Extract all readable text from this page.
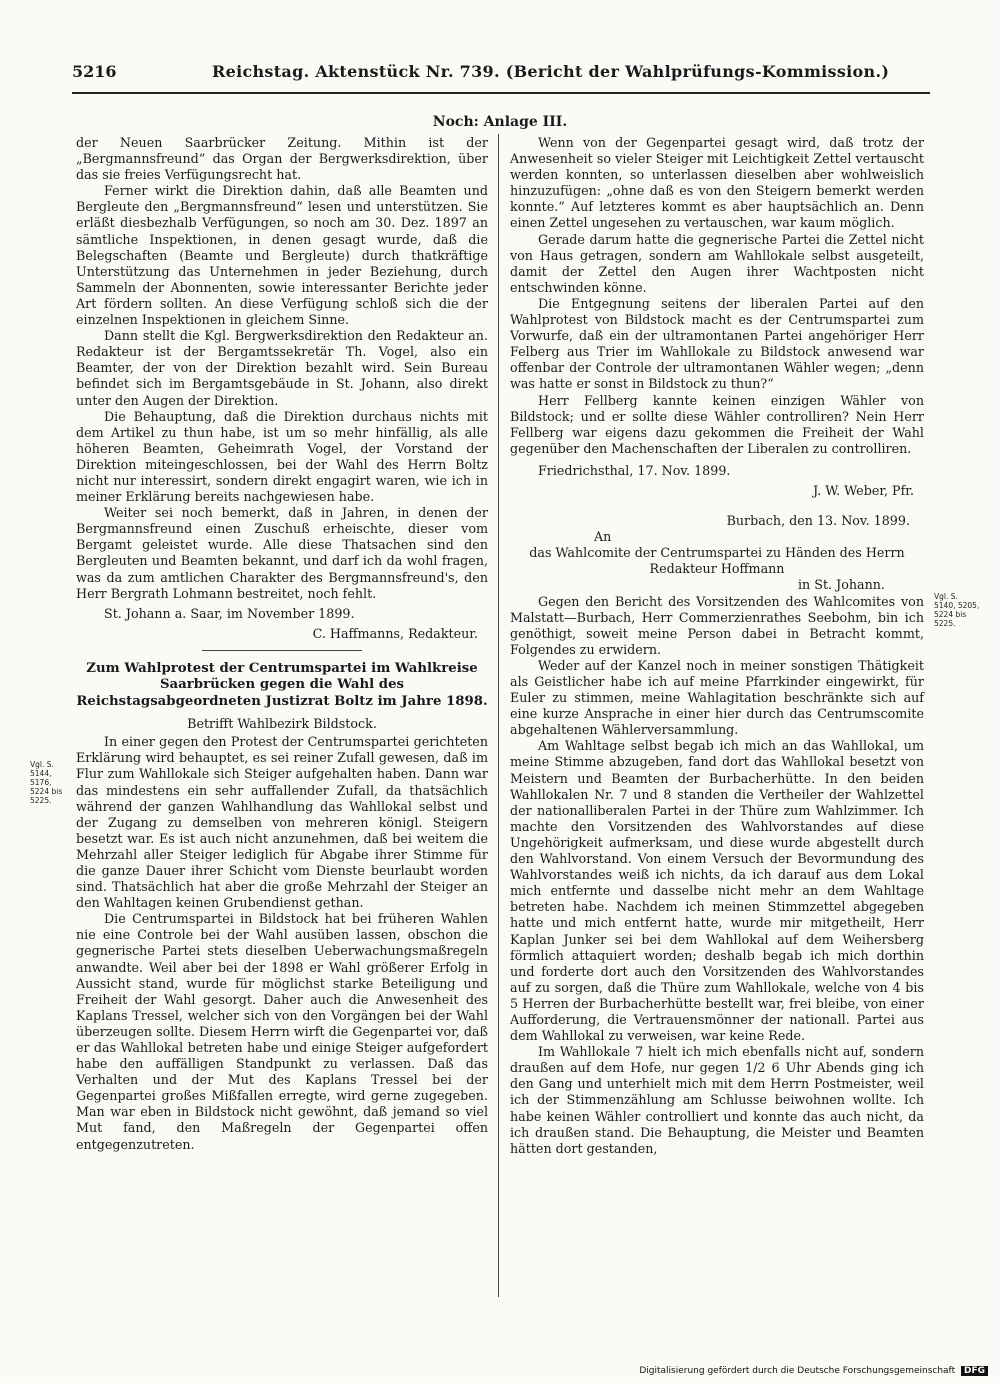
5216	Reichstag. Aktenstück Nr. 739. (Bericht der Wahlprüfungs-Kommission.)
Noch: Anlage III.

der Neuen Saarbrücker Zeitung. Mithin ist der „Bergmannsfreund“ das Organ der Bergwerksdirektion, über das sie freies Verfügungsrecht hat.

Ferner wirkt die Direktion dahin, daß alle Beamten und Bergleute den „Bergmannsfreund“ lesen und unterstützen. Sie erläßt diesbezhalb Verfügungen, so noch am 30. Dez. 1897 an sämtliche Inspektionen, in denen gesagt wurde, daß die Belegschaften (Beamte und Bergleute) durch thatkräftige Unterstützung das Unternehmen in jeder Beziehung, durch Sammeln der Abonnenten, sowie interessanter Berichte jeder Art fördern sollten. An diese Verfügung schloß sich die der einzelnen Inspektionen in gleichem Sinne.

Dann stellt die Kgl. Bergwerksdirektion den Redakteur an. Redakteur ist der Bergamtssekretär Th. Vogel, also ein Beamter, der von der Direktion bezahlt wird. Sein Bureau befindet sich im Bergamtsgebäude in St. Johann, also direkt unter den Augen der Direktion.

Die Behauptung, daß die Direktion durchaus nichts mit dem Artikel zu thun habe, ist um so mehr hinfällig, als alle höheren Beamten, Geheimrath Vogel, der Vorstand der Direktion miteingeschlossen, bei der Wahl des Herrn Boltz nicht nur interessirt, sondern direkt engagirt waren, wie ich in meiner Erklärung bereits nachgewiesen habe.

Weiter sei noch bemerkt, daß in Jahren, in denen der Bergmannsfreund einen Zuschuß erheischte, dieser vom Bergamt geleistet wurde. Alle diese Thatsachen sind den Bergleuten und Beamten bekannt, und darf ich da wohl fragen, was da zum amtlichen Charakter des Bergmannsfreund's, den Herr Bergrath Lohmann bestreitet, noch fehlt.

St. Johann a. Saar, im November 1899.

C. Haffmanns, Redakteur.

Zum Wahlprotest der Centrumspartei im Wahlkreise Saarbrücken gegen die Wahl des Reichstagsabgeordneten Justizrat Boltz im Jahre 1898.

Betrifft Wahlbezirk Bildstock.

In einer gegen den Protest der Centrumspartei gerichteten Erklärung wird behauptet, es sei reiner Zufall gewesen, daß im Flur zum Wahllokale sich Steiger aufgehalten haben. Dann war das mindestens ein sehr auffallender Zufall, da thatsächlich während der ganzen Wahlhandlung das Wahllokal selbst und der Zugang zu demselben von mehreren königl. Steigern besetzt war. Es ist auch nicht anzunehmen, daß bei weitem die Mehrzahl aller Steiger lediglich für Abgabe ihrer Stimme für die ganze Dauer ihrer Schicht vom Dienste beurlaubt worden sind. Thatsächlich hat aber die große Mehrzahl der Steiger an den Wahltagen keinen Grubendienst gethan.

Die Centrumspartei in Bildstock hat bei früheren Wahlen nie eine Controle bei der Wahl ausüben lassen, obschon die gegnerische Partei stets dieselben Ueberwachungsmaßregeln anwandte. Weil aber bei der 1898 er Wahl größerer Erfolg in Aussicht stand, wurde für möglichst starke Beteiligung und Freiheit der Wahl gesorgt. Daher auch die Anwesenheit des Kaplans Tressel, welcher sich von den Vorgängen bei der Wahl überzeugen sollte. Diesem Herrn wirft die Gegenpartei vor, daß er das Wahllokal betreten habe und einige Steiger aufgefordert habe den auffälligen Standpunkt zu verlassen. Daß das Verhalten und der Mut des Kaplans Tressel bei der Gegenpartei großes Mißfallen erregte, wird gerne zugegeben. Man war eben in Bildstock nicht gewöhnt, daß jemand so viel Mut fand, den Maßregeln der Gegenpartei offen entgegenzutreten.

Wenn von der Gegenpartei gesagt wird, daß trotz der Anwesenheit so vieler Steiger mit Leichtigkeit Zettel vertauscht werden konnten, so unterlassen dieselben aber wohlweislich hinzuzufügen: „ohne daß es von den Steigern bemerkt werden konnte.“ Auf letzteres kommt es aber hauptsächlich an. Denn einen Zettel ungesehen zu vertauschen, war kaum möglich.

Gerade darum hatte die gegnerische Partei die Zettel nicht von Haus getragen, sondern am Wahllokale selbst ausgeteilt, damit der Zettel den Augen ihrer Wachtposten nicht entschwinden könne.

Die Entgegnung seitens der liberalen Partei auf den Wahlprotest von Bildstock macht es der Centrumspartei zum Vorwurfe, daß ein der ultramontanen Partei angehöriger Herr Felberg aus Trier im Wahllokale zu Bildstock anwesend war offenbar der Controle der ultramontanen Wähler wegen; „denn was hatte er sonst in Bildstock zu thun?“

Herr Fellberg kannte keinen einzigen Wähler von Bildstock; und er sollte diese Wähler controlliren? Nein Herr Fellberg war eigens dazu gekommen die Freiheit der Wahl gegenüber den Machenschaften der Liberalen zu controlliren.

Friedrichsthal, 17. Nov. 1899.

J. W. Weber, Pfr.

Burbach, den 13. Nov. 1899.

An

das Wahlcomite der Centrumspartei zu Händen des Herrn Redakteur Hoffmann

in St. Johann.

Gegen den Bericht des Vorsitzenden des Wahlcomites von Malstatt—Burbach, Herr Commerzienrathes Seebohm, bin ich genöthigt, soweit meine Person dabei in Betracht kommt, Folgendes zu erwidern.

Weder auf der Kanzel noch in meiner sonstigen Thätigkeit als Geistlicher habe ich auf meine Pfarrkinder eingewirkt, für Euler zu stimmen, meine Wahlagitation beschränkte sich auf eine kurze Ansprache in einer hier durch das Centrumscomite abgehaltenen Wählerversammlung.

Am Wahltage selbst begab ich mich an das Wahllokal, um meine Stimme abzugeben, fand dort das Wahllokal besetzt von Meistern und Beamten der Burbacherhütte. In den beiden Wahllokalen Nr. 7 und 8 standen die Vertheiler der Wahlzettel der nationalliberalen Partei in der Thüre zum Wahlzimmer. Ich machte den Vorsitzenden des Wahlvorstandes auf diese Ungehörigkeit aufmerksam, und diese wurde abgestellt durch den Wahlvorstand. Von einem Versuch der Bevormundung des Wahlvorstandes weiß ich nichts, da ich darauf aus dem Lokal mich entfernte und dasselbe nicht mehr an dem Wahltage betreten habe. Nachdem ich meinen Stimmzettel abgegeben hatte und mich entfernt hatte, wurde mir mitgetheilt, Herr Kaplan Junker sei bei dem Wahllokal auf dem Weihersberg förmlich attaquiert worden; deshalb begab ich mich dorthin und forderte dort auch den Vorsitzenden des Wahlvorstandes auf zu sorgen, daß die Thüre zum Wahllokale, welche von 4 bis 5 Herren der Burbacherhütte bestellt war, frei bleibe, von einer Aufforderung, die Vertrauensmönner der nationall. Partei aus dem Wahllokal zu verweisen, war keine Rede.

Im Wahllokale 7 hielt ich mich ebenfalls nicht auf, sondern draußen auf dem Hofe, nur gegen 1/2 6 Uhr Abends ging ich den Gang und unterhielt mich mit dem Herrn Postmeister, weil ich der Stimmenzählung am Schlusse beiwohnen wollte. Ich habe keinen Wähler controlliert und konnte das auch nicht, da ich draußen stand. Die Behauptung, die Meister und Beamten hätten dort gestanden,

Vgl. S. 5144, 5176, 5224 bis 5225.
Vgl. S. 5140, 5205, 5224 bis 5225.
Digitalisierung gefördert durch die Deutsche Forschungsgemeinschaft DFG
